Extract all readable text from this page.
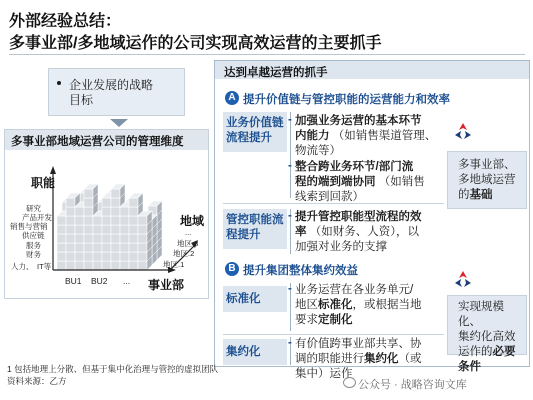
外部经验总结：
多事业部/多地域运作的公司实现高效运营的主要抓手
企业发展的战略
目标
多事业部地域运营公司的管理维度
职能
地域
事业部
研究
产品开发
销售与营销
供应链
服务
财务
人力、 IT等
地区.3
地区.2
地区.1
...
BU1 BU2 ...
达到卓越运营的抓手
A 提升价值链与管控职能的运营能力和效率
业务价值链
流程提升
- 加强业务运营的基本环节
内能力 （如销售渠道管理、
物流等）
- 整合跨业务环节/部门流
程的端到端协同 （如销售
线索到回款）
管控职能流
程提升
- 提升管控职能型流程的效
率 （如财务、人资），以
加强对业务的支撑
多事业部、
多地域运营
的基础
B 提升集团整体集约效益
标准化
- 业务运营在各业务单元/
地区标准化，或根据当地
要求定制化
集约化
- 有价值跨事业部共享、协
调的职能进行集约化（或
集中）运作
实现规模化、
集约化高效
运作的必要
条件
1 包括地理上分散、但基于集中化治理与管控的虚拟团队
资料来源：乙方	公众号 · 战略咨询文库
